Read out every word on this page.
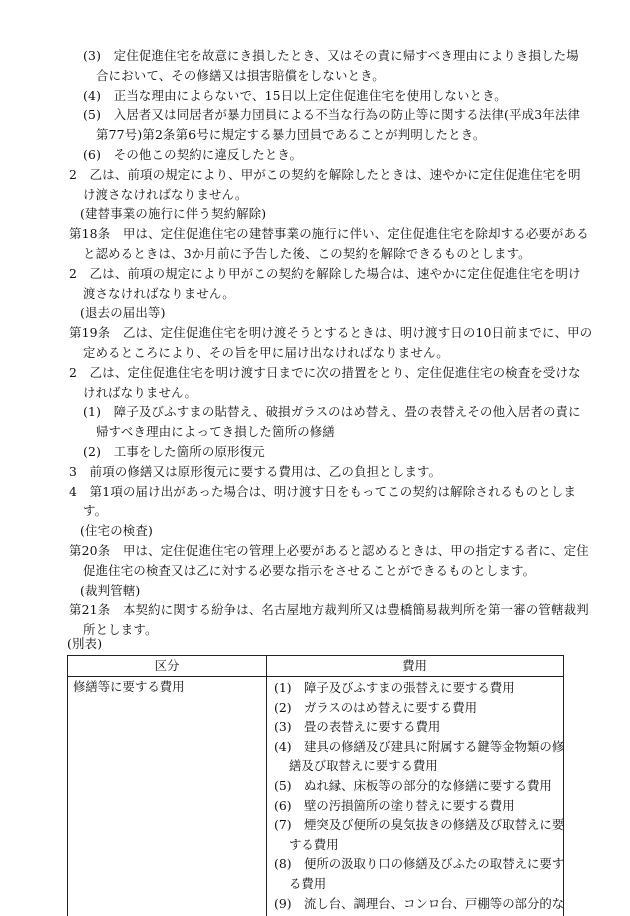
(3)　定住促進住宅を故意にき損したとき、又はその責に帰すべき理由によりき損した場
合において、その修繕又は損害賠償をしないとき。
(4)　正当な理由によらないで、15日以上定住促進住宅を使用しないとき。
(5)　入居者又は同居者が暴力団員による不当な行為の防止等に関する法律(平成3年法律
第77号)第2条第6号に規定する暴力団員であることが判明したとき。
(6)　その他この契約に違反したとき。
2　乙は、前項の規定により、甲がこの契約を解除したときは、速やかに定住促進住宅を明
け渡さなければなりません。
(建替事業の施行に伴う契約解除)
第18条　甲は、定住促進住宅の建替事業の施行に伴い、定住促進住宅を除却する必要がある
と認めるときは、3か月前に予告した後、この契約を解除できるものとします。
2　乙は、前項の規定により甲がこの契約を解除した場合は、速やかに定住促進住宅を明け
渡さなければなりません。
(退去の届出等)
第19条　乙は、定住促進住宅を明け渡そうとするときは、明け渡す日の10日前までに、甲の
定めるところにより、その旨を甲に届け出なければなりません。
2　乙は、定住促進住宅を明け渡す日までに次の措置をとり、定住促進住宅の検査を受けな
ければなりません。
(1)　障子及びふすまの貼替え、破損ガラスのはめ替え、畳の表替えその他入居者の責に
帰すべき理由によってき損した箇所の修繕
(2)　工事をした箇所の原形復元
3　前項の修繕又は原形復元に要する費用は、乙の負担とします。
4　第1項の届け出があった場合は、明け渡す日をもってこの契約は解除されるものとしま
す。
(住宅の検査)
第20条　甲は、定住促進住宅の管理上必要があると認めるときは、甲の指定する者に、定住
促進住宅の検査又は乙に対する必要な指示をさせることができるものとします。
(裁判管轄)
第21条　本契約に関する紛争は、名古屋地方裁判所又は豊橋簡易裁判所を第一審の管轄裁判
所とします。
(別表)
区分	費用
修繕等に要する費用	(1)　障子及びふすまの張替えに要する費用
(2)　ガラスのはめ替えに要する費用
(3)　畳の表替えに要する費用
(4)　建具の修繕及び建具に附属する鍵等金物類の修
繕及び取替えに要する費用
(5)　ぬれ縁、床板等の部分的な修繕に要する費用
(6)　壁の汚損箇所の塗り替えに要する費用
(7)　煙突及び便所の臭気抜きの修繕及び取替えに要
する費用
(8)　便所の汲取り口の修繕及びふたの取替えに要す
る費用
(9)　流し台、調理台、コンロ台、戸棚等の部分的な
